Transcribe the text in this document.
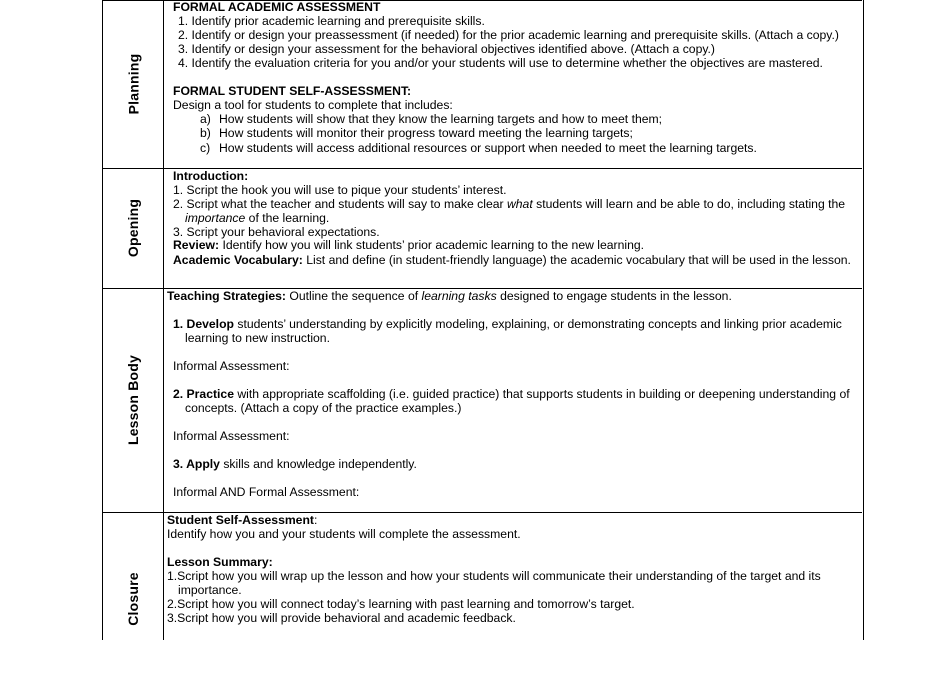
Planning
Opening
Lesson Body
Closure
FORMAL ACADEMIC ASSESSMENT
1. Identify prior academic learning and prerequisite skills.
2. Identify or design your preassessment (if needed) for the prior academic learning and prerequisite skills. (Attach a copy.)
3. Identify or design your assessment for the behavioral objectives identified above. (Attach a copy.)
4. Identify the evaluation criteria for you and/or your students will use to determine whether the objectives are mastered.
FORMAL STUDENT SELF-ASSESSMENT:
Design a tool for students to complete that includes:
a) How students will show that they know the learning targets and how to meet them;
b) How students will monitor their progress toward meeting the learning targets;
c) How students will access additional resources or support when needed to meet the learning targets.
Introduction:
1. Script the hook you will use to pique your students’ interest.
2. Script what the teacher and students will say to make clear what students will learn and be able to do, including stating the
importance of the learning.
3. Script your behavioral expectations.
Review: Identify how you will link students’ prior academic learning to the new learning.
Academic Vocabulary: List and define (in student-friendly language) the academic vocabulary that will be used in the lesson.
Teaching Strategies: Outline the sequence of learning tasks designed to engage students in the lesson.
1. Develop students’ understanding by explicitly modeling, explaining, or demonstrating concepts and linking prior academic
learning to new instruction.
Informal Assessment:
2. Practice with appropriate scaffolding (i.e. guided practice) that supports students in building or deepening understanding of
concepts. (Attach a copy of the practice examples.)
Informal Assessment:
3. Apply skills and knowledge independently.
Informal AND Formal Assessment:
Student Self-Assessment:
Identify how you and your students will complete the assessment.
Lesson Summary:
1.Script how you will wrap up the lesson and how your students will communicate their understanding of the target and its
importance.
2.Script how you will connect today’s learning with past learning and tomorrow’s target.
3.Script how you will provide behavioral and academic feedback.
